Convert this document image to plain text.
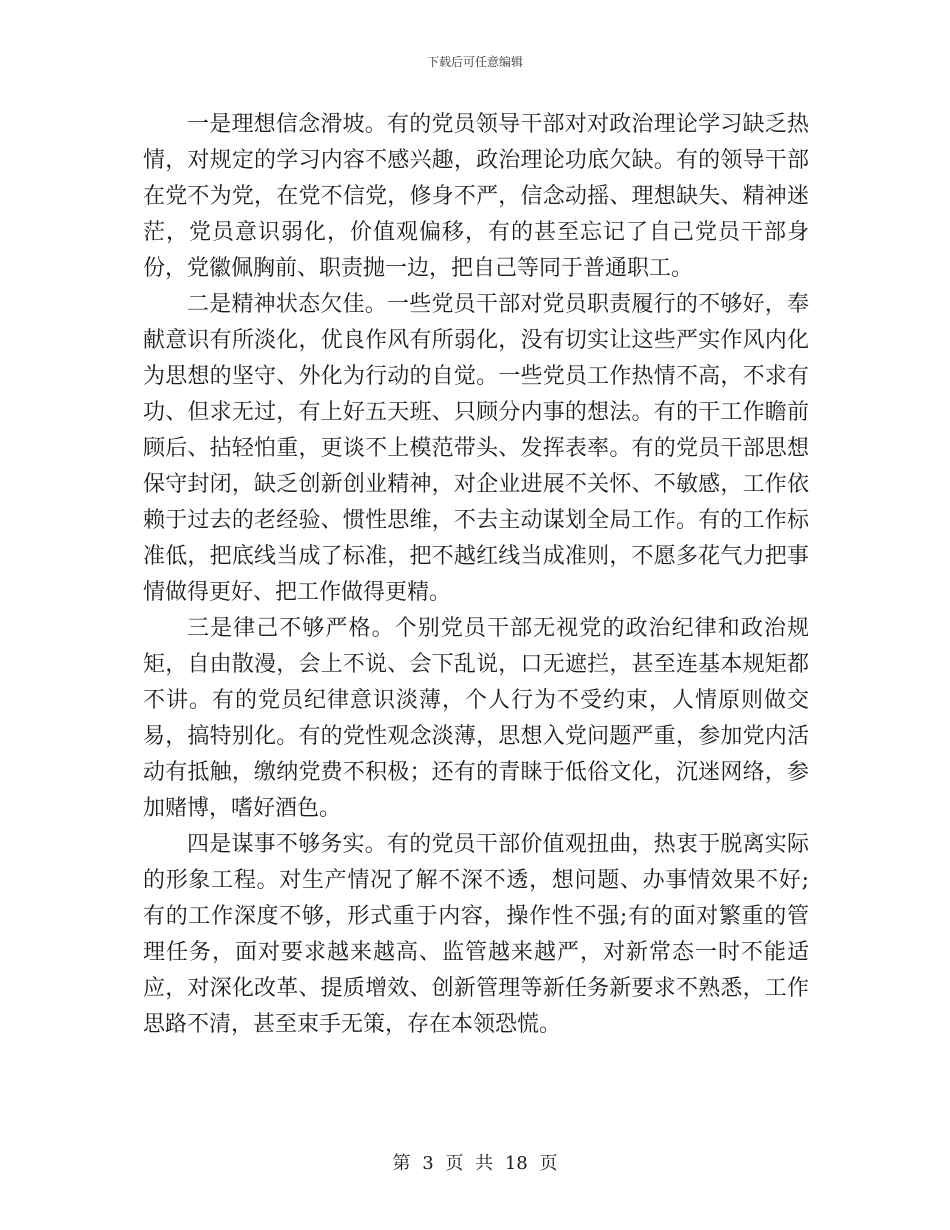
下载后可任意编辑

一是理想信念滑坡。有的党员领导干部对对政治理论学习缺乏热情，对规定的学习内容不感兴趣，政治理论功底欠缺。有的领导干部在党不为党，在党不信党，修身不严，信念动摇、理想缺失、精神迷茫，党员意识弱化，价值观偏移，有的甚至忘记了自己党员干部身份，党徽佩胸前、职责抛一边，把自己等同于普通职工。

二是精神状态欠佳。一些党员干部对党员职责履行的不够好，奉献意识有所淡化，优良作风有所弱化，没有切实让这些严实作风内化为思想的坚守、外化为行动的自觉。一些党员工作热情不高，不求有功、但求无过，有上好五天班、只顾分内事的想法。有的干工作瞻前顾后、拈轻怕重，更谈不上模范带头、发挥表率。有的党员干部思想保守封闭，缺乏创新创业精神，对企业进展不关怀、不敏感，工作依赖于过去的老经验、惯性思维，不去主动谋划全局工作。有的工作标准低，把底线当成了标准，把不越红线当成准则，不愿多花气力把事情做得更好、把工作做得更精。

三是律己不够严格。个别党员干部无视党的政治纪律和政治规矩，自由散漫，会上不说、会下乱说，口无遮拦，甚至连基本规矩都不讲。有的党员纪律意识淡薄，个人行为不受约束，人情原则做交易，搞特别化。有的党性观念淡薄，思想入党问题严重，参加党内活动有抵触，缴纳党费不积极；还有的青睐于低俗文化，沉迷网络，参加赌博，嗜好酒色。

四是谋事不够务实。有的党员干部价值观扭曲，热衷于脱离实际的形象工程。对生产情况了解不深不透，想问题、办事情效果不好;有的工作深度不够，形式重于内容，操作性不强;有的面对繁重的管理任务，面对要求越来越高、监管越来越严，对新常态一时不能适应，对深化改革、提质增效、创新管理等新任务新要求不熟悉，工作思路不清，甚至束手无策，存在本领恐慌。

第 3 页 共 18 页
